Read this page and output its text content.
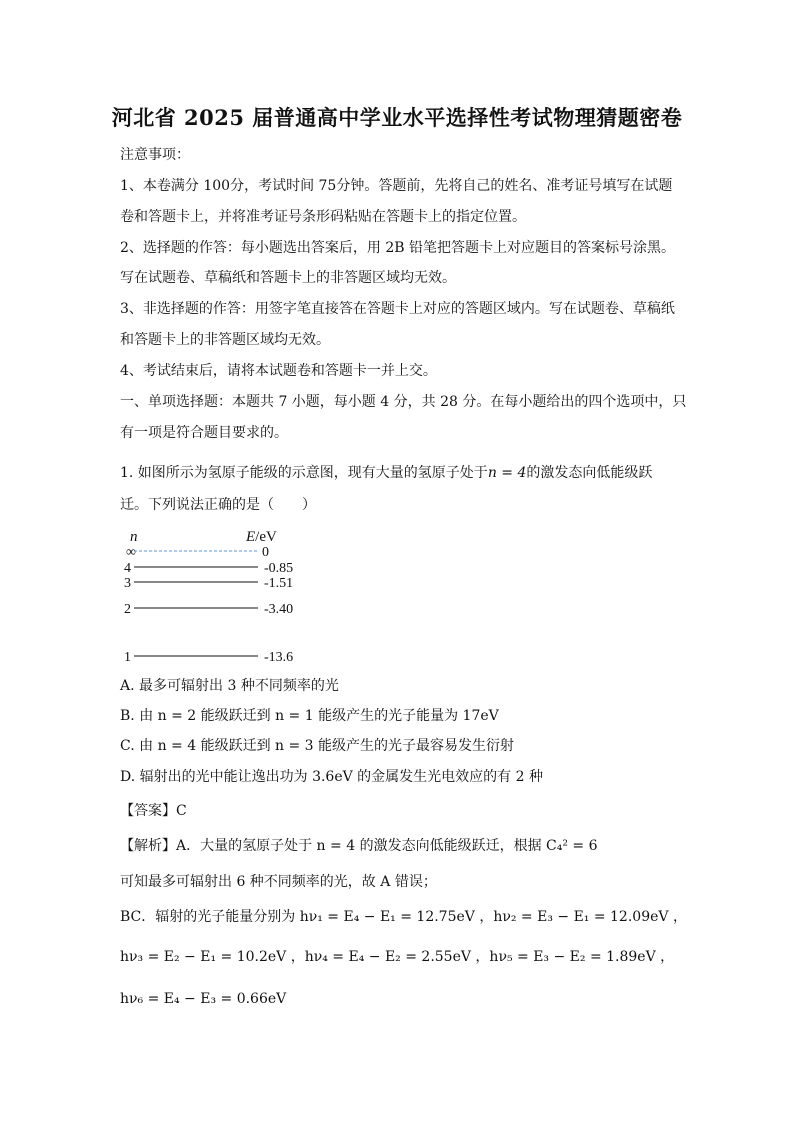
河北省 2025 届普通高中学业水平选择性考试物理猜题密卷
注意事项：
1、本卷满分 100分，考试时间 75分钟。答题前，先将自己的姓名、准考证号填写在试题
卷和答题卡上，并将准考证号条形码粘贴在答题卡上的指定位置。
2、选择题的作答：每小题选出答案后，用 2B 铅笔把答题卡上对应题目的答案标号涂黑。
写在试题卷、草稿纸和答题卡上的非答题区域均无效。
3、非选择题的作答：用签字笔直接答在答题卡上对应的答题区域内。写在试题卷、草稿纸
和答题卡上的非答题区域均无效。
4、考试结束后，请将本试题卷和答题卡一并上交。
一、单项选择题：本题共 7 小题，每小题 4 分，共 28 分。在每小题给出的四个选项中，只
有一项是符合题目要求的。
1. 如图所示为氢原子能级的示意图，现有大量的氢原子处于n = 4的激发态向低能级跃
迁。下列说法正确的是（　　）
n	E/eV
∞	0
4	-0.85
3	-1.51
2	-3.40
1	-13.6
A. 最多可辐射出 3 种不同频率的光
B. 由 n = 2 能级跃迁到 n = 1 能级产生的光子能量为 17eV
C. 由 n = 4 能级跃迁到 n = 3 能级产生的光子最容易发生衍射
D. 辐射出的光中能让逸出功为 3.6eV 的金属发生光电效应的有 2 种
【答案】C
【解析】A．大量的氢原子处于 n = 4 的激发态向低能级跃迁，根据 C₄² = 6
可知最多可辐射出 6 种不同频率的光，故 A 错误；
BC．辐射的光子能量分别为 hν₁ = E₄ − E₁ = 12.75eV ，hν₂ = E₃ − E₁ = 12.09eV ，
hν₃ = E₂ − E₁ = 10.2eV ，hν₄ = E₄ − E₂ = 2.55eV ，hν₅ = E₃ − E₂ = 1.89eV ，
hν₆ = E₄ − E₃ = 0.66eV
